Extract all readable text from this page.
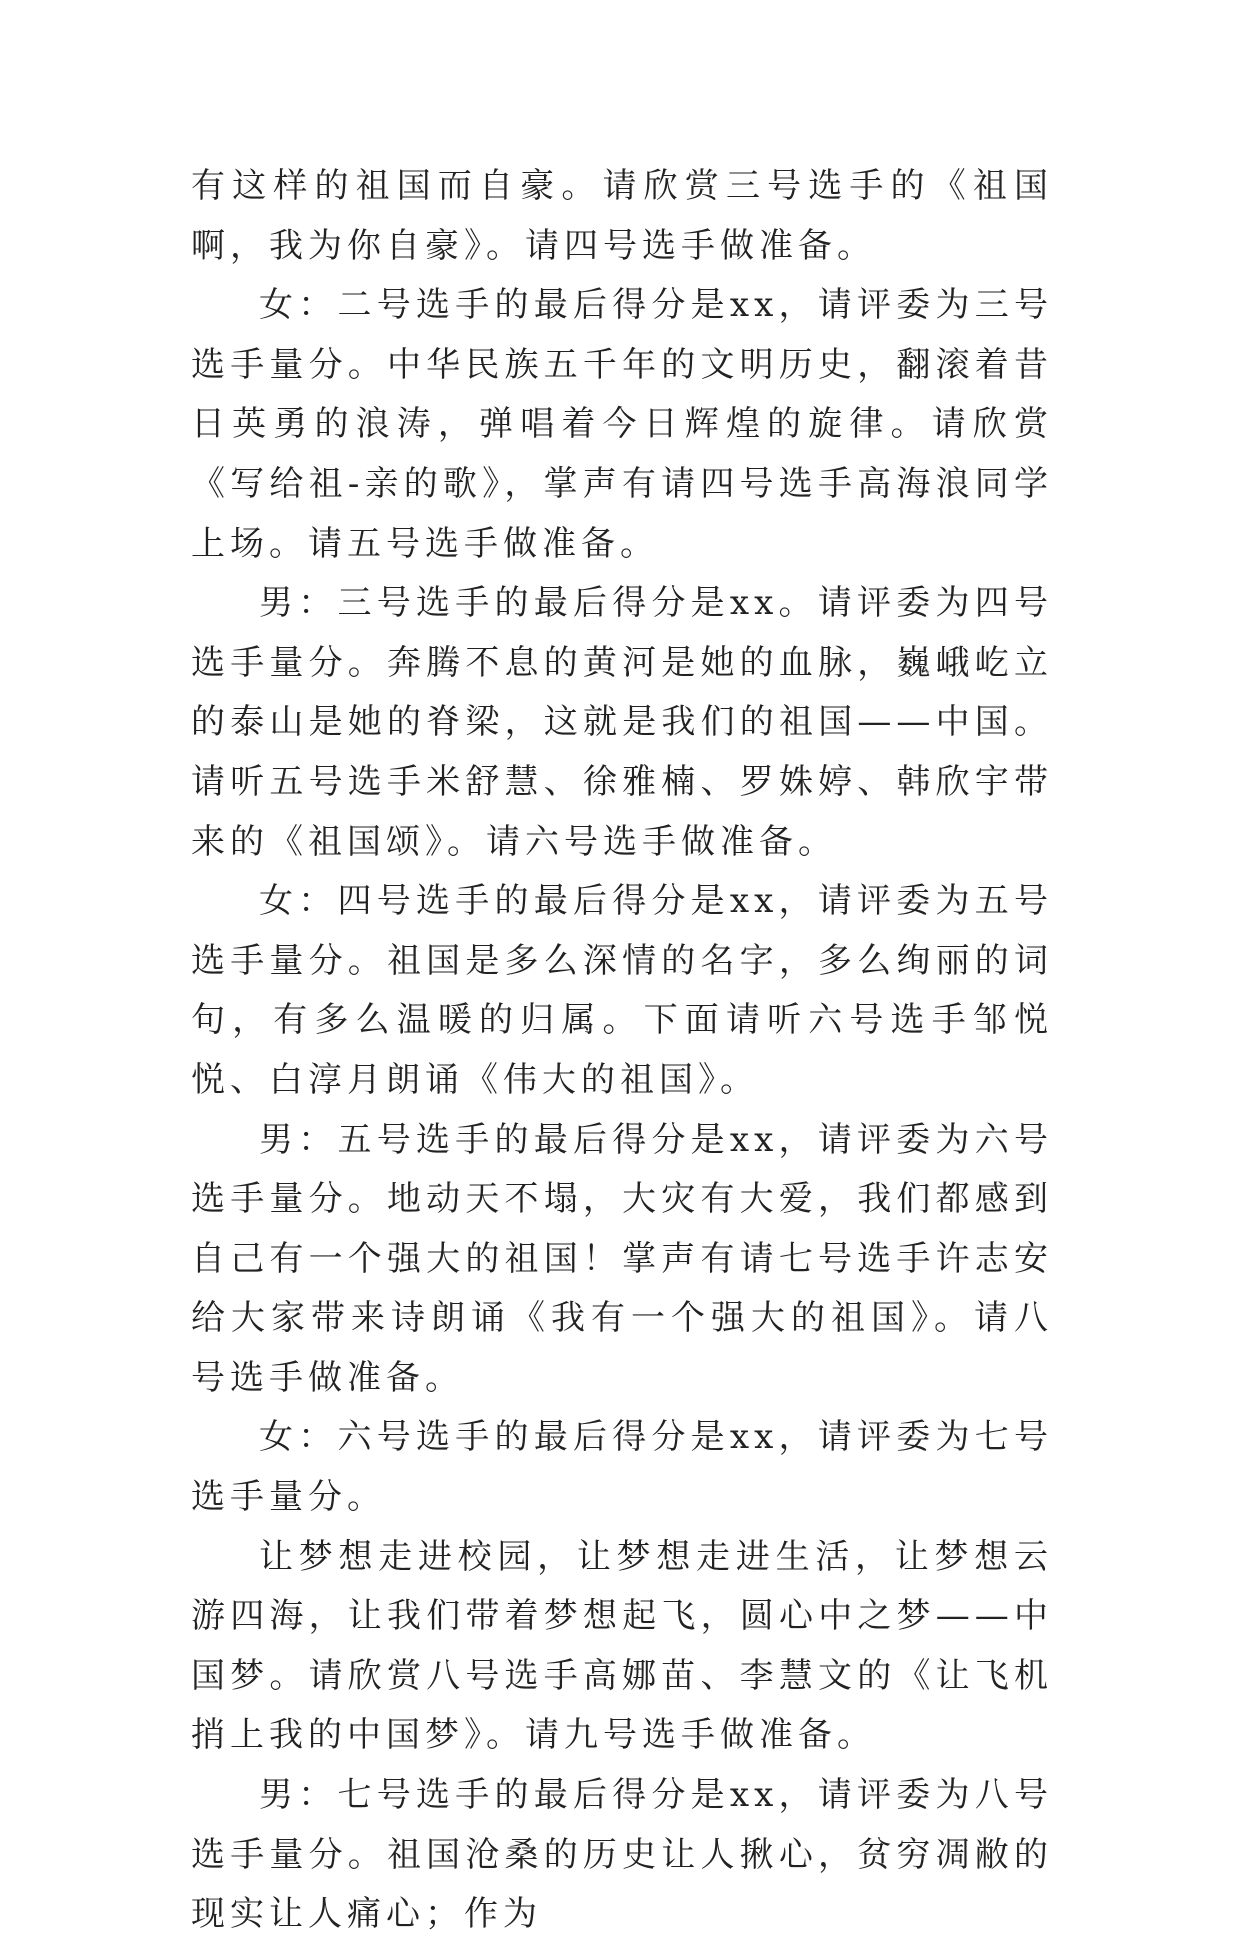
有这样的祖国而自豪。请欣赏三号选手的《祖国啊，我为你自豪》。请四号选手做准备。

女：二号选手的最后得分是xx，请评委为三号选手量分。中华民族五千年的文明历史，翻滚着昔日英勇的浪涛，弹唱着今日辉煌的旋律。请欣赏《写给祖-亲的歌》，掌声有请四号选手高海浪同学上场。请五号选手做准备。

男：三号选手的最后得分是xx。请评委为四号选手量分。奔腾不息的黄河是她的血脉，巍峨屹立的泰山是她的脊梁，这就是我们的祖国——中国。请听五号选手米舒慧、徐雅楠、罗姝婷、韩欣宇带来的《祖国颂》。请六号选手做准备。

女：四号选手的最后得分是xx，请评委为五号选手量分。祖国是多么深情的名字，多么绚丽的词句，有多么温暖的归属。下面请听六号选手邹悦悦、白淳月朗诵《伟大的祖国》。

男：五号选手的最后得分是xx，请评委为六号选手量分。地动天不塌，大灾有大爱，我们都感到自己有一个强大的祖国！掌声有请七号选手许志安给大家带来诗朗诵《我有一个强大的祖国》。请八号选手做准备。

女：六号选手的最后得分是xx，请评委为七号选手量分。

让梦想走进校园，让梦想走进生活，让梦想云游四海，让我们带着梦想起飞，圆心中之梦——中国梦。请欣赏八号选手高娜苗、李慧文的《让飞机捎上我的中国梦》。请九号选手做准备。

男：七号选手的最后得分是xx，请评委为八号选手量分。祖国沧桑的历史让人揪心，贫穷凋敝的现实让人痛心；作为
